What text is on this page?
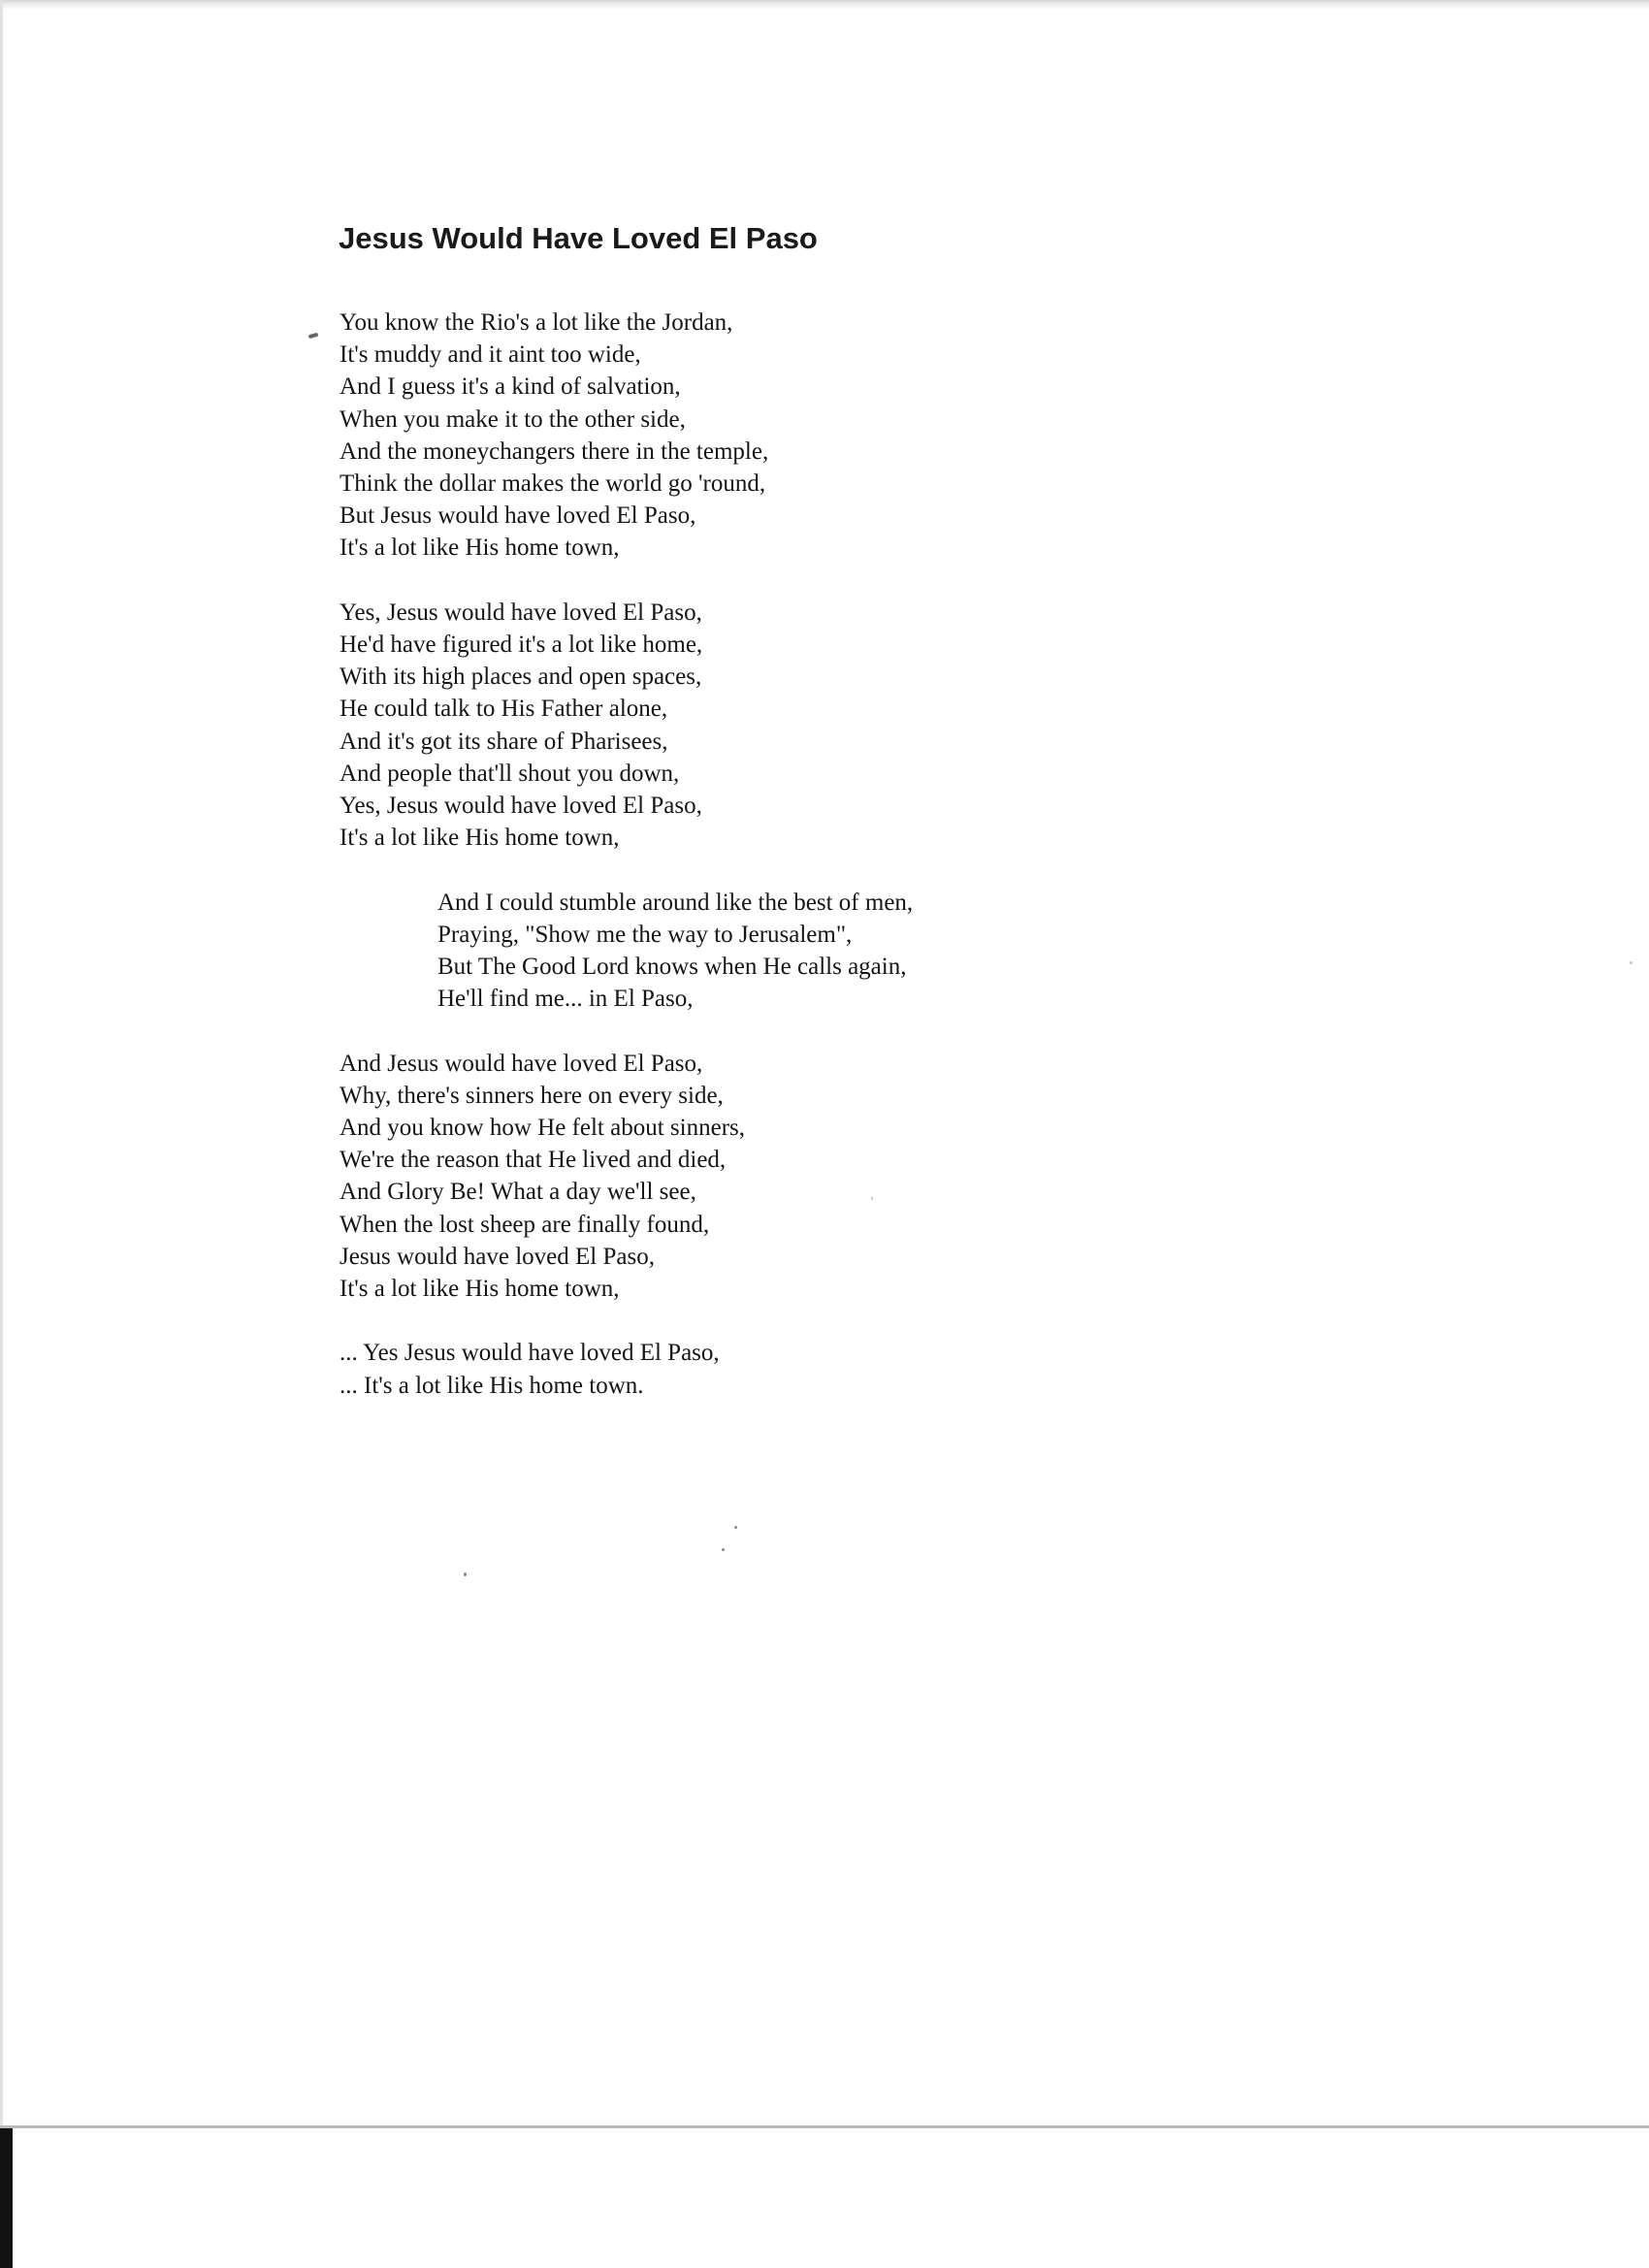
Jesus Would Have Loved El Paso

You know the Rio's a lot like the Jordan,
It's muddy and it aint too wide,
And I guess it's a kind of salvation,
When you make it to the other side,
And the moneychangers there in the temple,
Think the dollar makes the world go 'round,
But Jesus would have loved El Paso,
It's a lot like His home town,

Yes, Jesus would have loved El Paso,
He'd have figured it's a lot like home,
With its high places and open spaces,
He could talk to His Father alone,
And it's got its share of Pharisees,
And people that'll shout you down,
Yes, Jesus would have loved El Paso,
It's a lot like His home town,

And I could stumble around like the best of men,
Praying, "Show me the way to Jerusalem",
But The Good Lord knows when He calls again,
He'll find me... in El Paso,

And Jesus would have loved El Paso,
Why, there's sinners here on every side,
And you know how He felt about sinners,
We're the reason that He lived and died,
And Glory Be! What a day we'll see,
When the lost sheep are finally found,
Jesus would have loved El Paso,
It's a lot like His home town,

... Yes Jesus would have loved El Paso,
... It's a lot like His home town.
